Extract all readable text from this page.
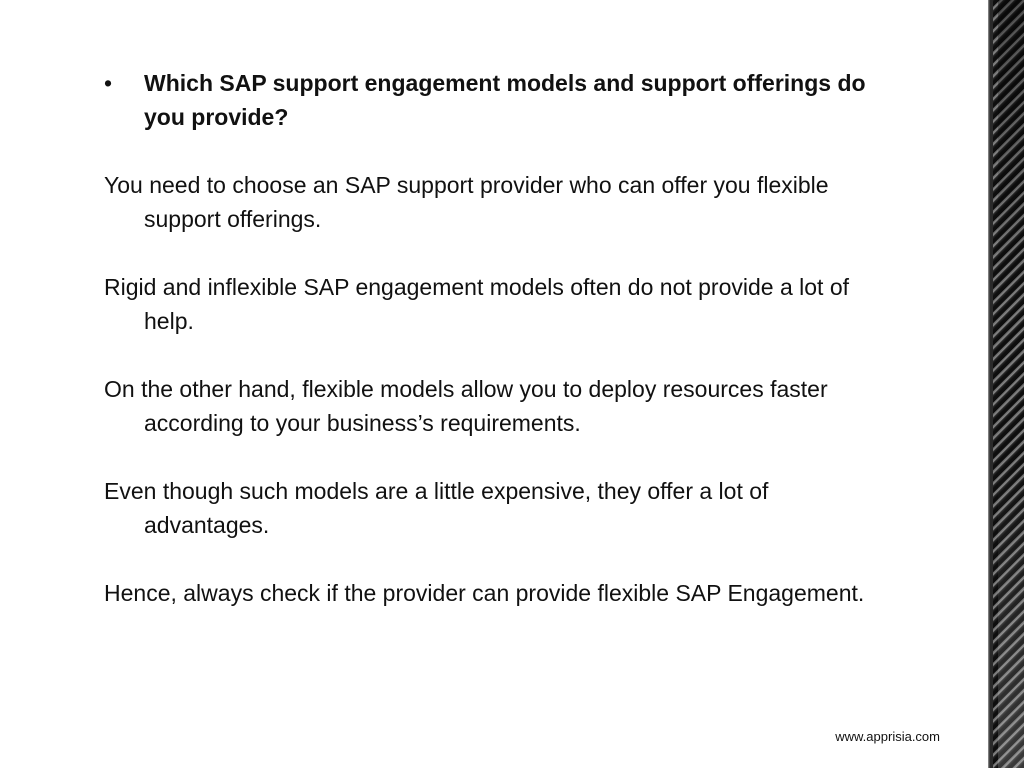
• Which SAP support engagement models and support offerings do you provide?

You need to choose an SAP support provider who can offer you flexible support offerings.

Rigid and inflexible SAP engagement models often do not provide a lot of help.

On the other hand, flexible models allow you to deploy resources faster according to your business’s requirements.

Even though such models are a little expensive, they offer a lot of advantages.

Hence, always check if the provider can provide flexible SAP Engagement.

www.apprisia.com
